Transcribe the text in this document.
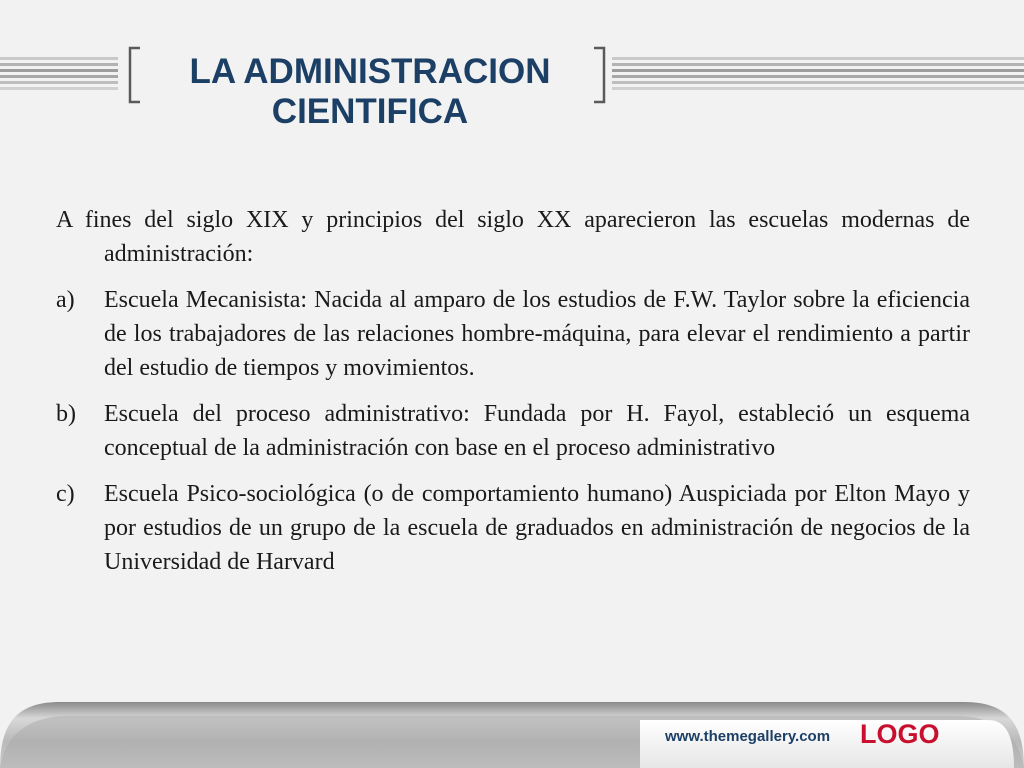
LA ADMINISTRACION
CIENTIFICA

A fines del siglo XIX y principios del siglo XX aparecieron las escuelas modernas de administración:

a) Escuela Mecanisista: Nacida al amparo de los estudios de F.W. Taylor sobre la eficiencia de los trabajadores de las relaciones hombre-máquina, para elevar el rendimiento a partir del estudio de tiempos y movimientos.
b) Escuela del proceso administrativo: Fundada por H. Fayol, estableció un esquema conceptual de la administración con base en el proceso administrativo
c) Escuela Psico-sociológica (o de comportamiento humano) Auspiciada por Elton Mayo y por estudios de un grupo de la escuela de graduados en administración de negocios de la Universidad de Harvard
www.themegallery.com LOGO
